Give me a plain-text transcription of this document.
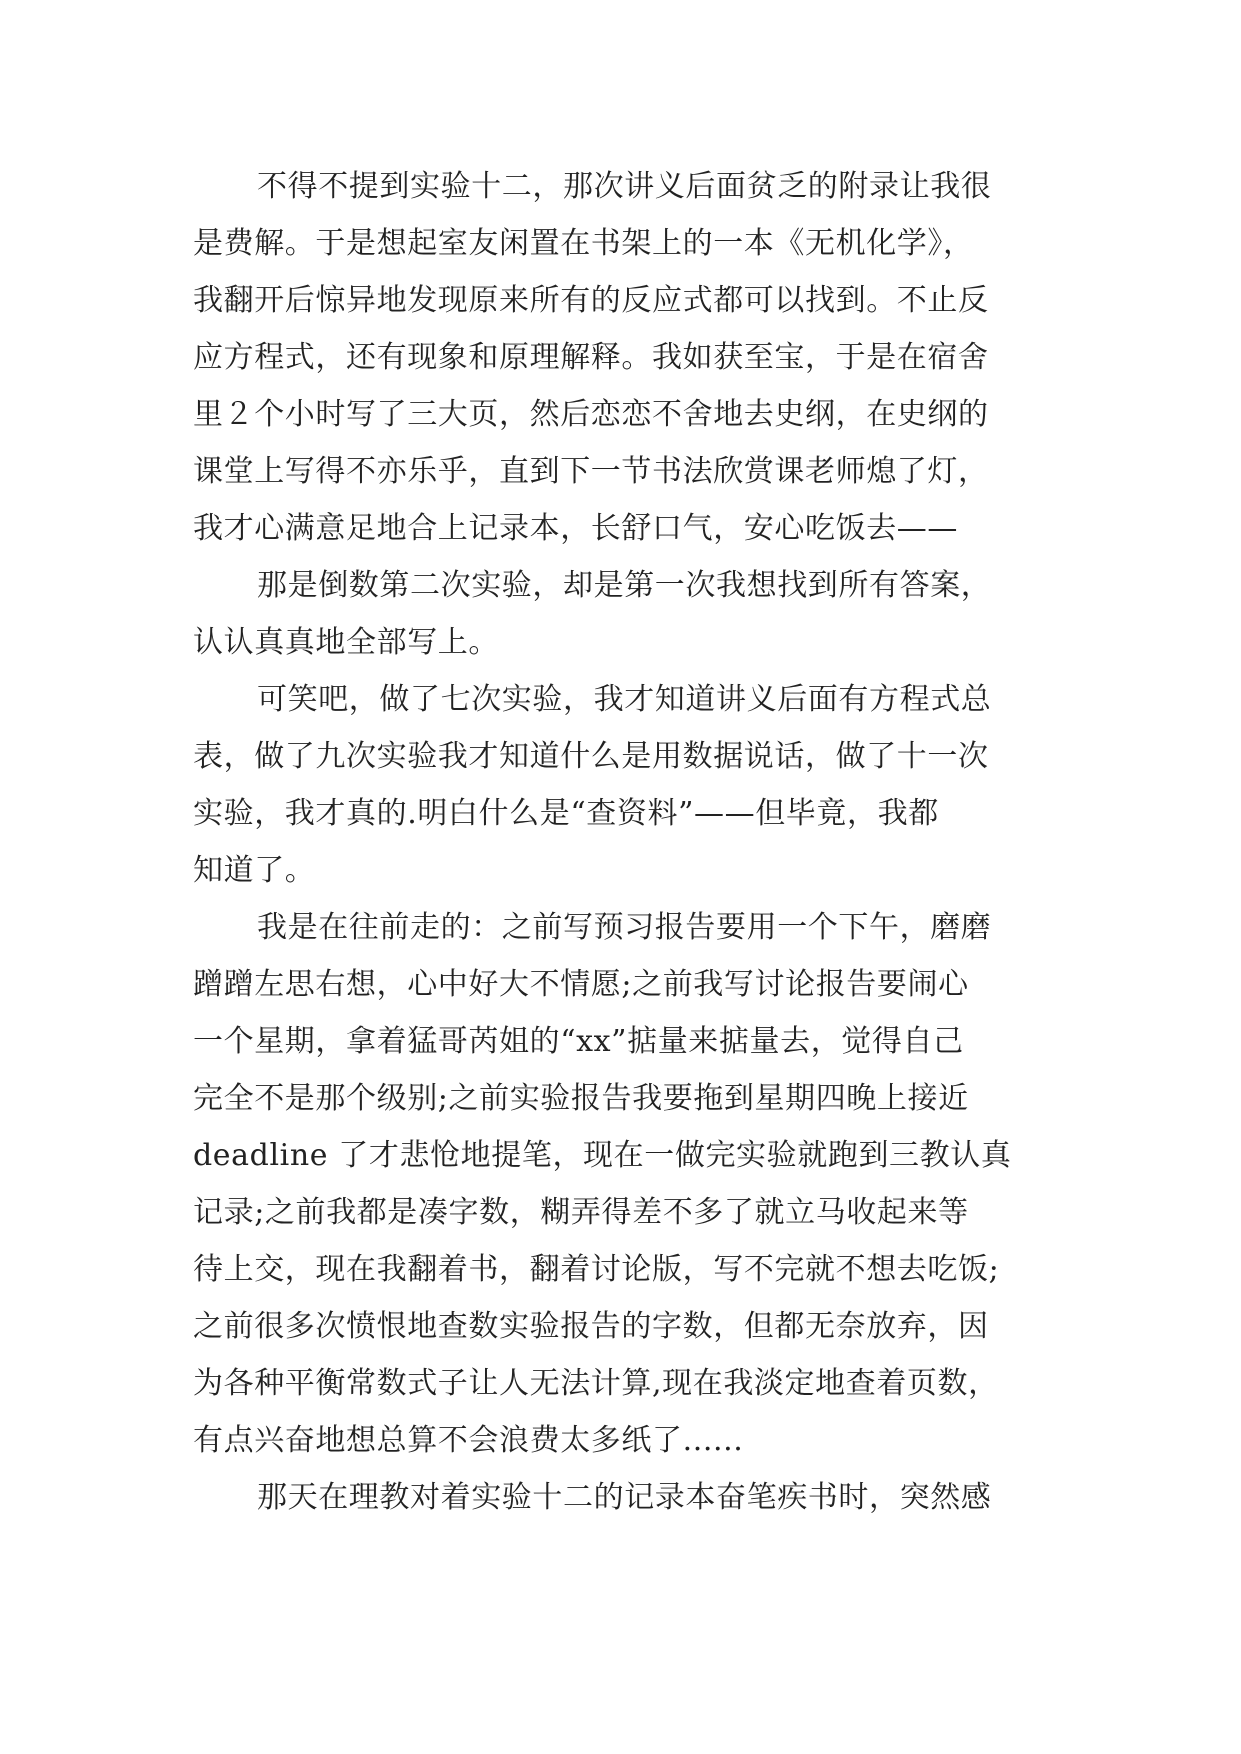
不得不提到实验十二，那次讲义后面贫乏的附录让我很
是费解。于是想起室友闲置在书架上的一本《无机化学》，
我翻开后惊异地发现原来所有的反应式都可以找到。不止反
应方程式，还有现象和原理解释。我如获至宝，于是在宿舍
里２个小时写了三大页，然后恋恋不舍地去史纲，在史纲的
课堂上写得不亦乐乎，直到下一节书法欣赏课老师熄了灯，
我才心满意足地合上记录本，长舒口气，安心吃饭去——
那是倒数第二次实验，却是第一次我想找到所有答案，
认认真真地全部写上。
可笑吧，做了七次实验，我才知道讲义后面有方程式总
表，做了九次实验我才知道什么是用数据说话，做了十一次
实验，我才真的.明白什么是“查资料”——但毕竟，我都
知道了。
我是在往前走的：之前写预习报告要用一个下午，磨磨
蹭蹭左思右想，心中好大不情愿;之前我写讨论报告要闹心
一个星期，拿着猛哥芮姐的“xx”掂量来掂量去，觉得自己
完全不是那个级别;之前实验报告我要拖到星期四晚上接近
deadline 了才悲怆地提笔，现在一做完实验就跑到三教认真
记录;之前我都是凑字数，糊弄得差不多了就立马收起来等
待上交，现在我翻着书，翻着讨论版，写不完就不想去吃饭;
之前很多次愤恨地查数实验报告的字数，但都无奈放弃，因
为各种平衡常数式子让人无法计算,现在我淡定地查着页数，
有点兴奋地想总算不会浪费太多纸了......
那天在理教对着实验十二的记录本奋笔疾书时，突然感
